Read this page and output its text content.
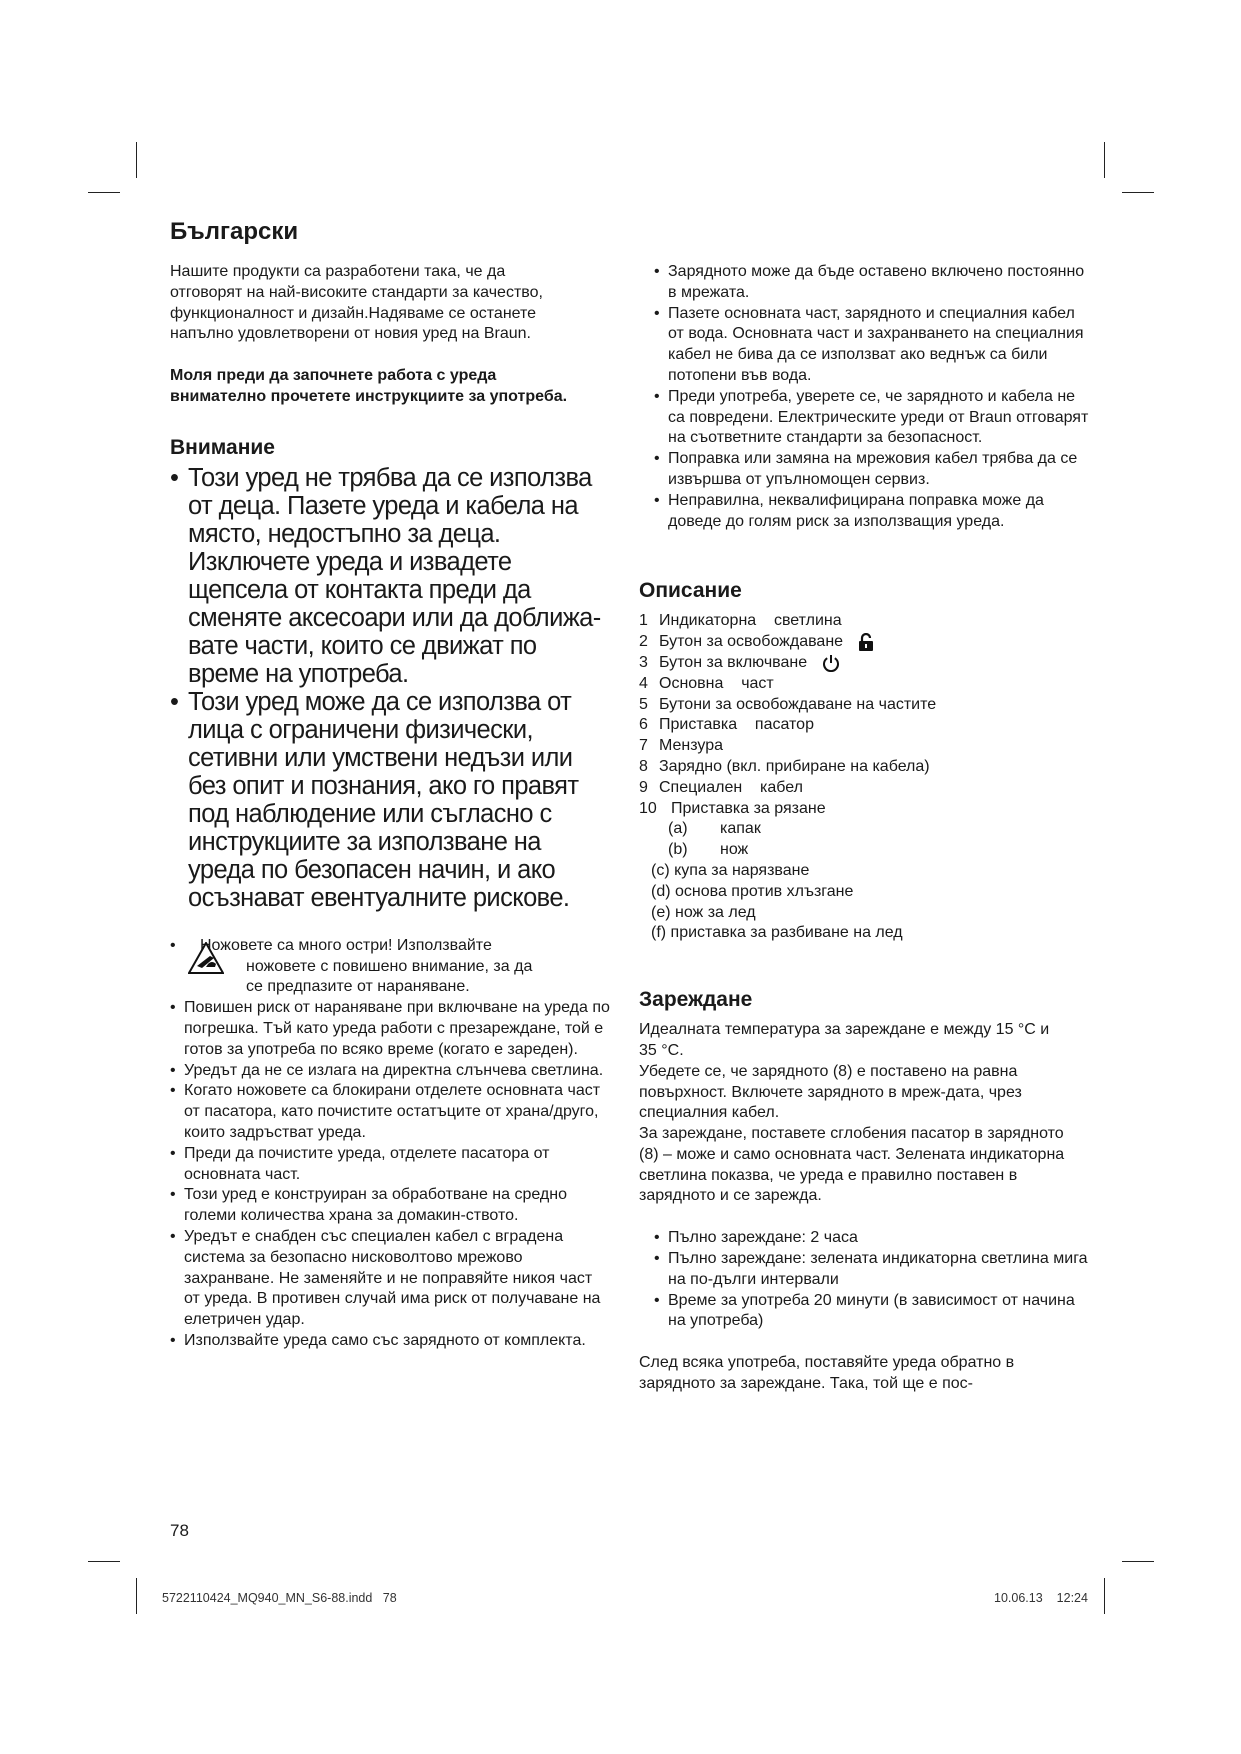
Български

Нашите продукти са разработени така, че да отговорят на най-високите стандарти за качество, функционалност и дизайн.Надяваме се останете напълно удовлетворени от новия уред на Braun.

Моля преди да започнете работа с уреда внимателно прочетете инструкциите за употреба.

Внимание
• Този уред не трябва да се използва от деца. Пазете уреда и кабела на място, недостъпно за деца. Изключете уреда и извадете щепсела от контакта преди да сменяте аксесоари или да доближа-вате части, които се движат по време на употреба.
• Този уред може да се използва от лица с ограничени физически, сетивни или умствени недъзи или без опит и познания, ако го правят под наблюдение или съгласно с инструкциите за използване на уреда по безопасен начин, и ако осъзнават евентуалните рискове.
•	Ножовете са много остри! Използвайте
ножовете с повишено внимание, за да
се предпазите от нараняване.
• Повишен риск от нараняване при включване на уреда по погрешка. Тъй като уреда работи с презареждане, той е готов за употреба по всяко време (когато е зареден).
• Уредът да не се излага на директна слънчева светлина.
• Когато ножовете са блокирани отделете основната част от пасатора, като почистите остатъците от храна/друго, които задръстват уреда.
• Преди да почистите уреда, отделете пасатора от основната част.
• Този уред е конструиран за обработване на средно големи количества храна за домакин-ството.
• Уредът е снабден със специален кабел с вградена система за безопасно нисковолтово мрежово захранване. Не заменяйте и не поправяйте никоя част от уреда. В противен случай има риск от получаване на елетричен удар.
• Използвайте уреда само със зарядното от комплекта.
• Зарядното може да бъде оставено включено постоянно в мрежата.
• Пазете основната част, зарядното и специалния кабел от вода. Основната част и захранването на специалния кабел не бива да се използват ако веднъж са били потопени във вода.
• Преди употреба, уверете се, че зарядното и кабела не са повредени. Електрическите уреди от Braun отговарят на съответните стандарти за безопасност.
• Поправка или замяна на мрежовия кабел трябва да се извършва от упълномощен сервиз.
• Неправилна, неквалифицирана поправка може да доведе до голям риск за използващия уреда.
Описание
1 Индикаторна    светлина
2 Бутон за освобождаване
3 Бутон за включване
4 Основна    част
5 Бутони за освобождаване на частите
6 Приставка    пасатор
7 Мензура
8 Зарядно (вкл. прибиране на кабела)
9 Специален    кабел
10 Приставка за рязане
(a) капак
(b) нож
(c) купа за нарязване
(d) основа против хлъзгане
(e) нож за лед
(f) приставка за разбиване на лед
Зареждане

Идеалната температура за зареждане е между 15 °C и 35 °C.
Убедете се, че зарядното (8) е поставено на равна повърхност. Включете зарядното в мреж-дата, чрез специалния кабел.
За зареждане, поставете сглобения пасатор в зарядното (8) – може и само основната част. Зелената индикаторна светлина показва, че уреда е правилно поставен в зарядното и се зарежда.

• Пълно зареждане: 2 часа
• Пълно зареждане: зелената индикаторна светлина мига на по-дълги интервали
• Време за употреба 20 минути (в зависимост от начина на употреба)

След всяка употреба, поставяйте уреда обратно в зарядното за зареждане. Така, той ще е пос-

78
5722110424_MQ940_MN_S6-88.indd   78	10.06.13 12:24
